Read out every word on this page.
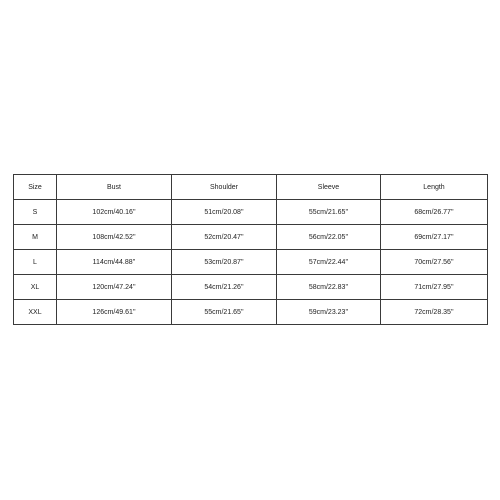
Size	Bust	Shoulder	Sleeve	Length
S	102cm/40.16''	51cm/20.08''	55cm/21.65''	68cm/26.77''
M	108cm/42.52''	52cm/20.47''	56cm/22.05''	69cm/27.17''
L	114cm/44.88''	53cm/20.87''	57cm/22.44''	70cm/27.56''
XL	120cm/47.24''	54cm/21.26''	58cm/22.83''	71cm/27.95''
XXL	126cm/49.61''	55cm/21.65''	59cm/23.23''	72cm/28.35''
